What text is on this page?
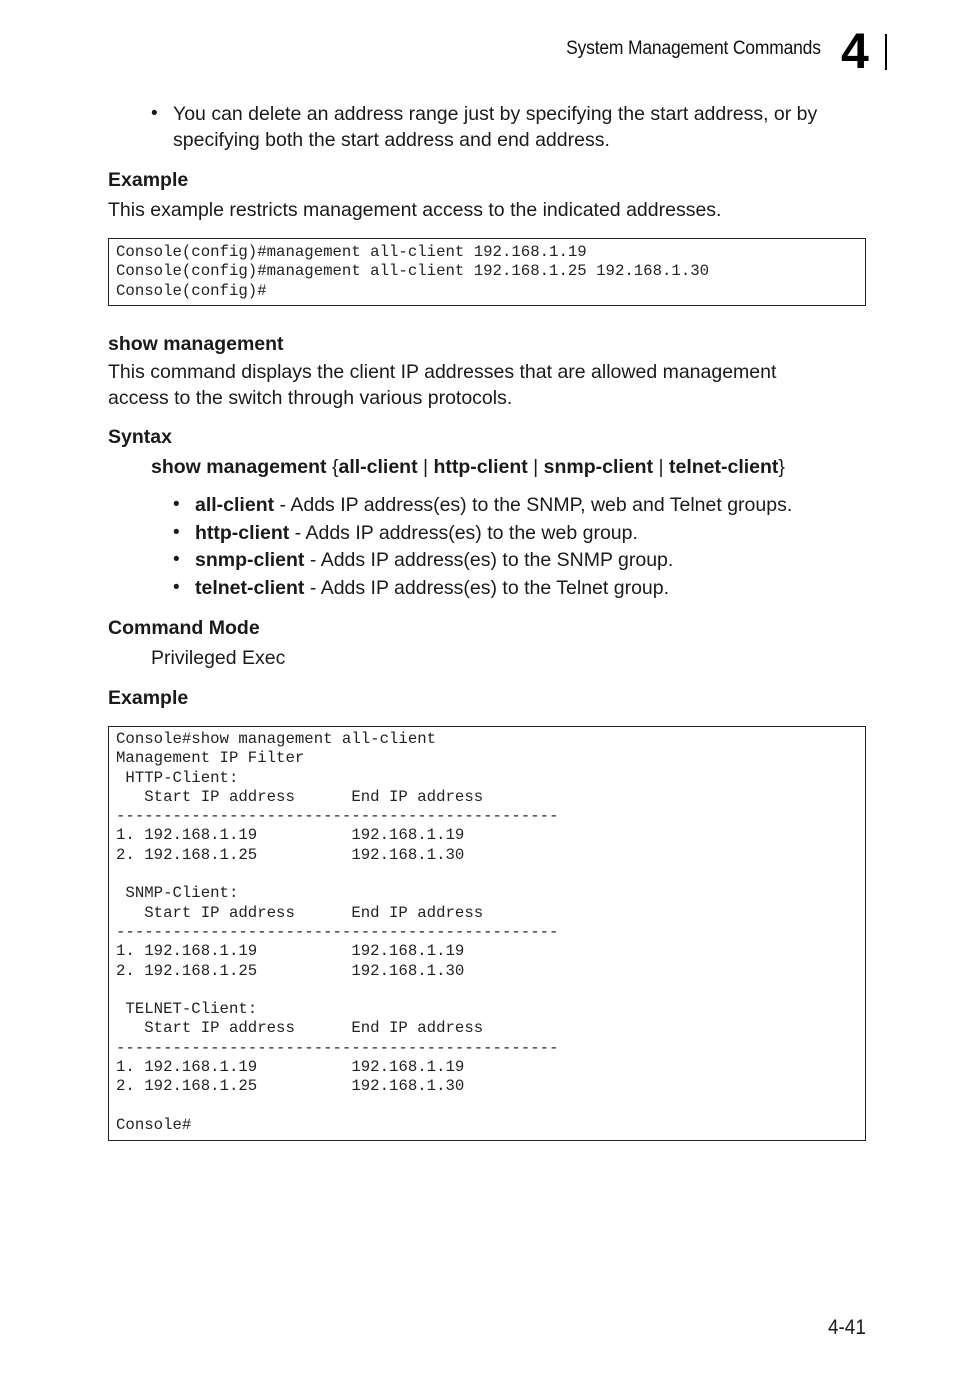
System Management Commands 4
• You can delete an address range just by specifying the start address, or by

specifying both the start address and end address.

Example

This example restricts management access to the indicated addresses.

Console(config)#management all-client 192.168.1.19
Console(config)#management all-client 192.168.1.25 192.168.1.30
Console(config)#
show management

This command displays the client IP addresses that are allowed management

access to the switch through various protocols.

Syntax

show management {all-client | http-client | snmp-client | telnet-client}

• all-client - Adds IP address(es) to the SNMP, web and Telnet groups.

• http-client - Adds IP address(es) to the web group.

• snmp-client - Adds IP address(es) to the SNMP group.

• telnet-client - Adds IP address(es) to the Telnet group.

Command Mode

Privileged Exec

Example
Console#show management all-client
Management IP Filter
HTTP-Client:
Start IP address      End IP address
-----------------------------------------------
1. 192.168.1.19          192.168.1.19
2. 192.168.1.25          192.168.1.30
SNMP-Client:
Start IP address      End IP address
-----------------------------------------------
1. 192.168.1.19          192.168.1.19
2. 192.168.1.25          192.168.1.30
TELNET-Client:
Start IP address      End IP address
-----------------------------------------------
1. 192.168.1.19          192.168.1.19
2. 192.168.1.25          192.168.1.30
Console#
4-41
